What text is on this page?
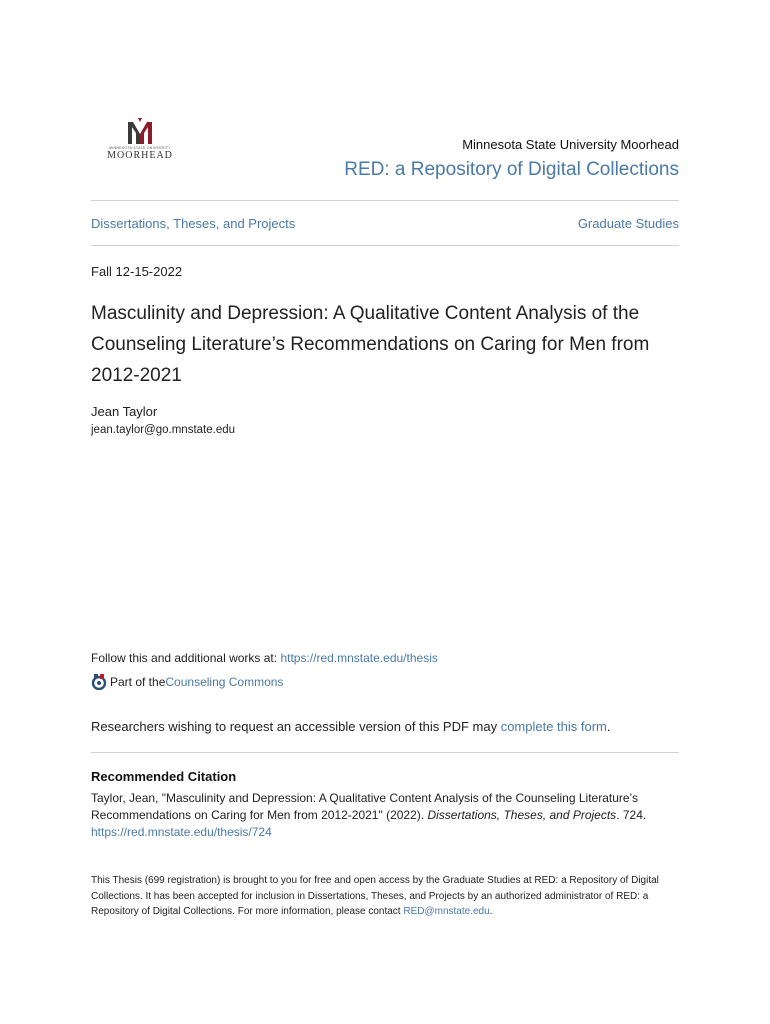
MINNESOTA STATE UNIVERSITY
MOORHEAD
Minnesota State University Moorhead
RED: a Repository of Digital Collections
Dissertations, Theses, and Projects	Graduate Studies
Fall 12-15-2022
Masculinity and Depression: A Qualitative Content Analysis of the Counseling Literature’s Recommendations on Caring for Men from 2012-2021
Jean Taylor
jean.taylor@go.mnstate.edu
Follow this and additional works at: https://red.mnstate.edu/thesis
Part of the Counseling Commons
Researchers wishing to request an accessible version of this PDF may complete this form.
Recommended Citation
Taylor, Jean, "Masculinity and Depression: A Qualitative Content Analysis of the Counseling Literature’s Recommendations on Caring for Men from 2012-2021" (2022). Dissertations, Theses, and Projects. 724.
https://red.mnstate.edu/thesis/724
This Thesis (699 registration) is brought to you for free and open access by the Graduate Studies at RED: a Repository of Digital Collections. It has been accepted for inclusion in Dissertations, Theses, and Projects by an authorized administrator of RED: a Repository of Digital Collections. For more information, please contact RED@mnstate.edu.
